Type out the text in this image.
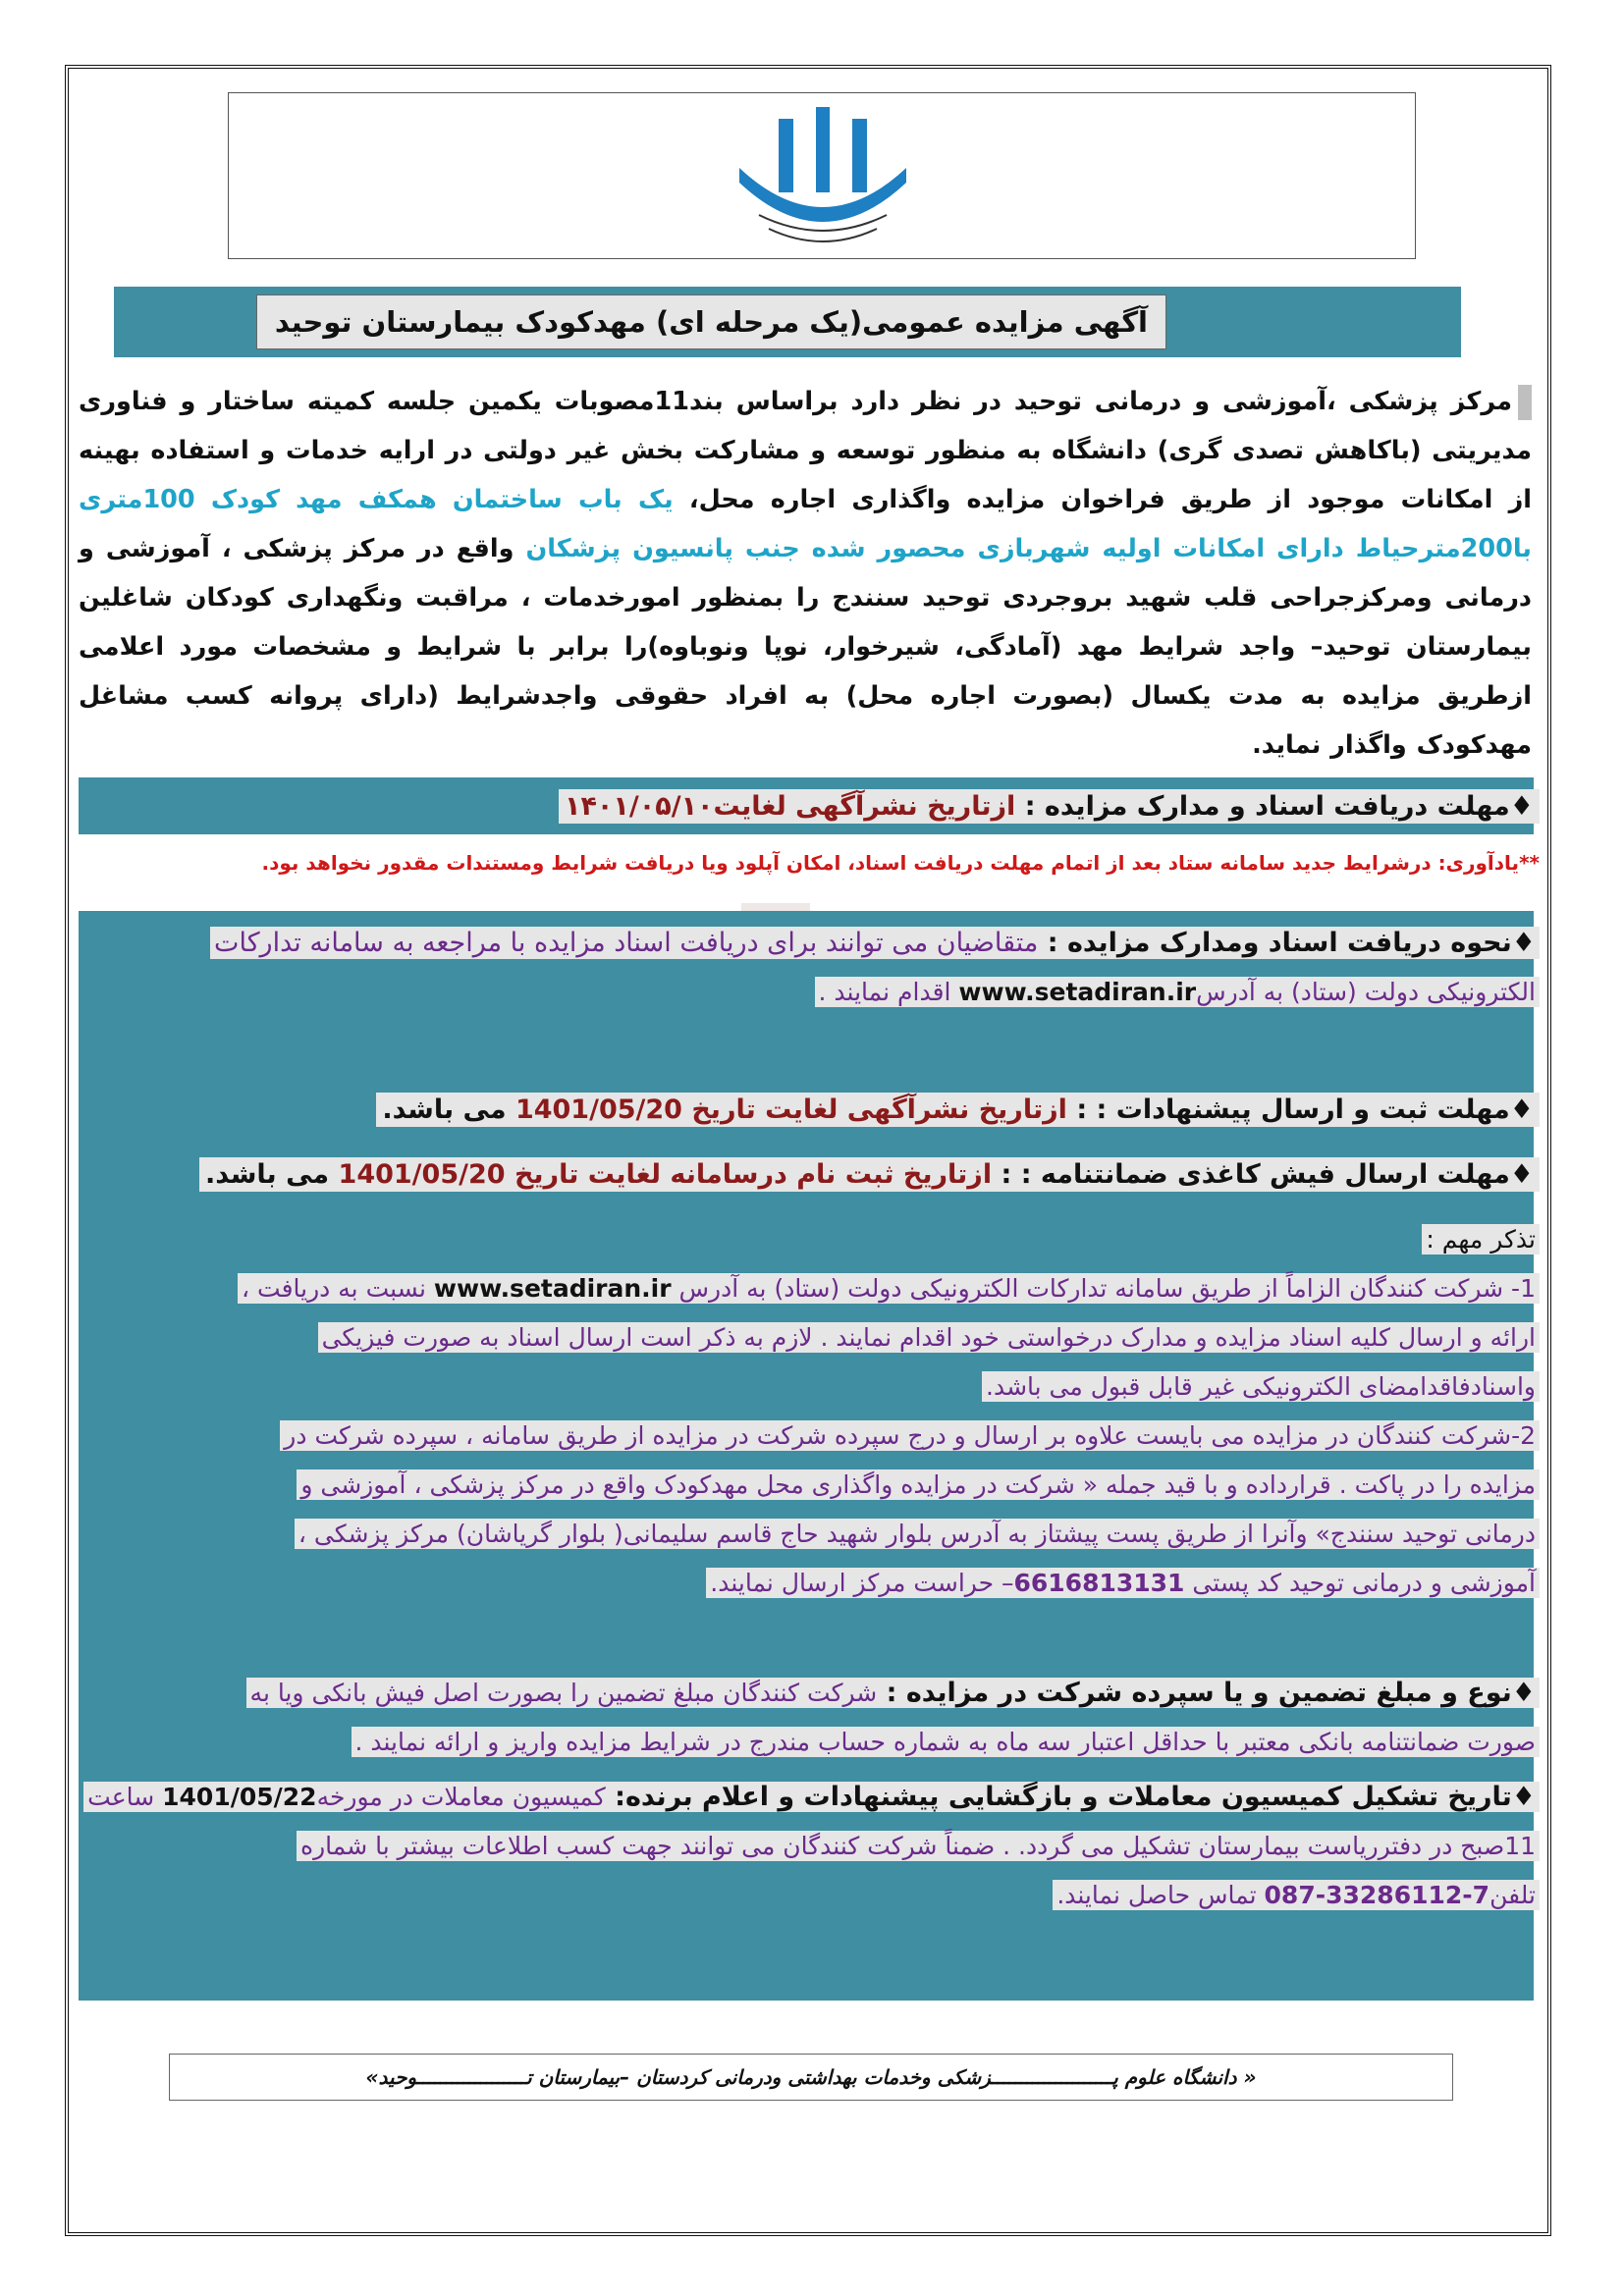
آگهی مزایده عمومی(یک مرحله ای) مهدکودک بیمارستان توحید
مرکز پزشکی ،آموزشی و درمانی توحید در نظر دارد براساس بند11مصوبات یکمین جلسه کمیته ساختار و فناوری مدیریتی (باکاهش تصدی گری) دانشگاه به منظور توسعه و مشارکت بخش غیر دولتی در ارایه خدمات و استفاده بهینه از امکانات موجود از طریق فراخوان مزایده واگذاری اجاره محل، یک باب ساختمان همکف مهد کودک 100متری با200مترحیاط دارای امکانات اولیه شهربازی محصور شده جنب پانسیون پزشکان واقع در مرکز پزشکی ، آموزشی و درمانی ومرکزجراحی قلب شهید بروجردی توحید سنندج را بمنظور امورخدمات ، مراقبت ونگهداری کودکان شاغلین بیمارستان توحید– واجد شرایط مهد (آمادگی، شیرخوار، نوپا ونوباوه)را برابر با شرایط و مشخصات مورد اعلامی ازطریق مزایده به مدت یکسال (بصورت اجاره محل) به افراد حقوقی واجدشرایط (دارای پروانه کسب مشاغل مهدکودک واگذار نماید.
♦مهلت دریافت اسناد و مدارک مزایده : ازتاریخ نشرآگهی لغایت۱۴۰۱/۰۵/۱۰
**یادآوری: درشرایط جدید سامانه ستاد بعد از اتمام مهلت دریافت اسناد، امکان آپلود ویا دریافت شرایط ومستندات مقدور نخواهد بود.
♦نحوه دریافت اسناد ومدارک مزایده : متقاضیان می توانند برای دریافت اسناد مزایده با مراجعه به سامانه تدارکات
الکترونیکی دولت (ستاد) به آدرسwww.setadiran.ir اقدام نمایند .
♦مهلت ثبت و ارسال پیشنهادات : : ازتاریخ نشرآگهی لغایت تاریخ 1401/05/20 می باشد.
♦مهلت ارسال فیش کاغذی ضمانتنامه : : ازتاریخ ثبت نام درسامانه لغایت تاریخ 1401/05/20 می باشد.
تذکر مهم :
1- شرکت کنندگان الزاماً از طریق سامانه تدارکات الکترونیکی دولت (ستاد) به آدرس www.setadiran.ir نسبت به دریافت ،
ارائه و ارسال کلیه اسناد مزایده و مدارک درخواستی خود اقدام نمایند . لازم به ذکر است ارسال اسناد به صورت فیزیکی
واسنادفاقدامضای الکترونیکی غیر قابل قبول می باشد.
2-شرکت کنندگان در مزایده می بایست علاوه بر ارسال و درج سپرده شرکت در مزایده از طریق سامانه ، سپرده شرکت در
مزایده را در پاکت . قرارداده و با قید جمله « شرکت در مزایده واگذاری محل مهدکودک واقع در مرکز پزشکی ، آموزشی و
درمانی توحید سنندج» وآنرا از طریق پست پیشتاز به آدرس بلوار شهید حاج قاسم سلیمانی( بلوار گریاشان) مرکز پزشکی ،
آموزشی و درمانی توحید کد پستی 6616813131– حراست مرکز ارسال نمایند.
♦نوع و مبلغ تضمین و یا سپرده شرکت در مزایده : شرکت کنندگان مبلغ تضمین را بصورت اصل فیش بانکی ویا به
صورت ضمانتنامه بانکی معتبر با حداقل اعتبار سه ماه به شماره حساب مندرج در شرایط مزایده واریز و ارائه نمایند .
♦تاریخ تشکیل کمیسیون معاملات و بازگشایی پیشنهادات و اعلام برنده: کمیسیون معاملات در مورخه1401/05/22 ساعت
11صبح در دفترریاست بیمارستان تشکیل می گردد. . ضمناً شرکت کنندگان می توانند جهت کسب اطلاعات بیشتر با شماره
تلفن7-33286112-087 تماس حاصل نمایند.
« دانشگاه علوم پـــــــــــــــــــــزشکی وخدمات بهداشتی ودرمانی کردستان –بیمارستان تـــــــــــــــــــوحید»
